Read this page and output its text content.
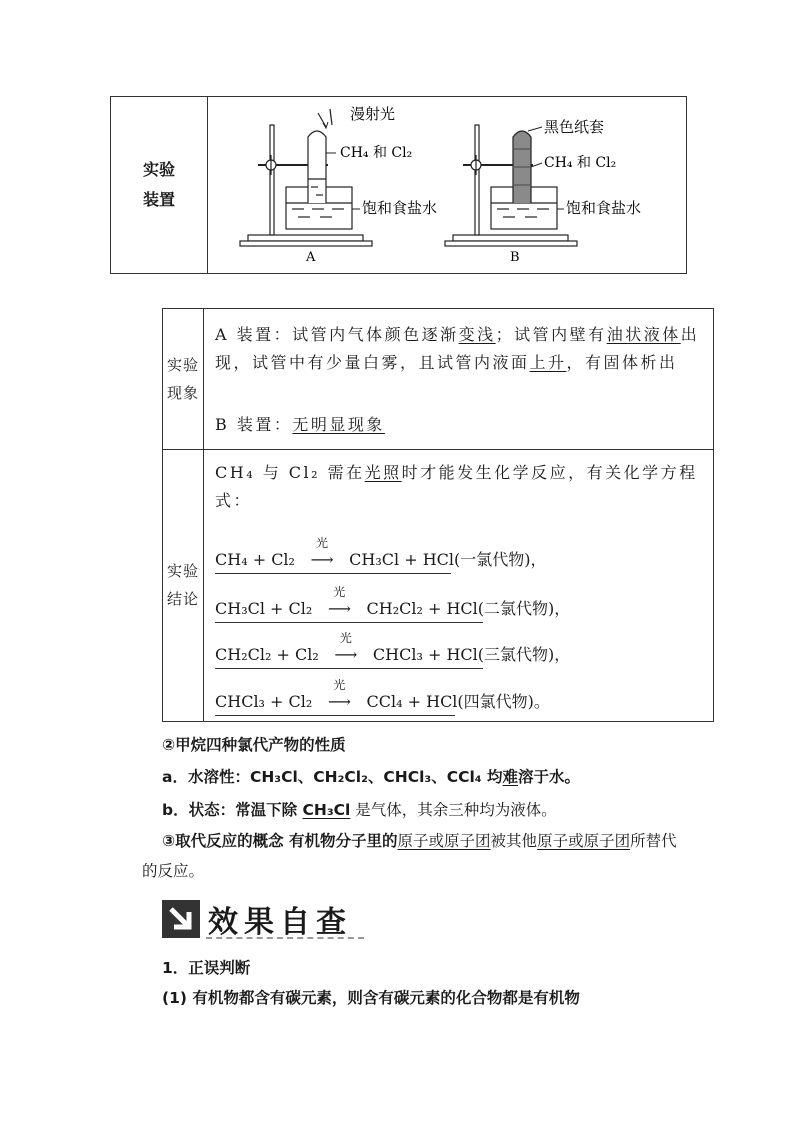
实验
装置
漫射光
CH₄ 和 Cl₂
饱和食盐水
A
黑色纸套
CH₄ 和 Cl₂
饱和食盐水
B
实验
现象
A 装置：试管内气体颜色逐渐变浅；试管内壁有油状液体出现，试管中有少量白雾，且试管内液面上升，有固体析出
B 装置：无明显现象
实验
结论
CH₄ 与 Cl₂ 需在光照时才能发生化学反应，有关化学方程式：
CH₄ + Cl₂
光
⟶ CH₃Cl + HCl(一氯代物)，
CH₃Cl + Cl₂
光
⟶ CH₂Cl₂ + HCl(二氯代物)，
CH₂Cl₂ + Cl₂
光
⟶ CHCl₃ + HCl(三氯代物)，
CHCl₃ + Cl₂
光
⟶ CCl₄ + HCl(四氯代物)。
②甲烷四种氯代产物的性质
a．水溶性：CH₃Cl、CH₂Cl₂、CHCl₃、CCl₄ 均难溶于水。
b．状态：常温下除 CH₃Cl 是气体，其余三种均为液体。
③取代反应的概念 有机物分子里的原子或原子团被其他原子或原子团所替代的反应。
效果自查
1．正误判断
(1) 有机物都含有碳元素，则含有碳元素的化合物都是有机物
